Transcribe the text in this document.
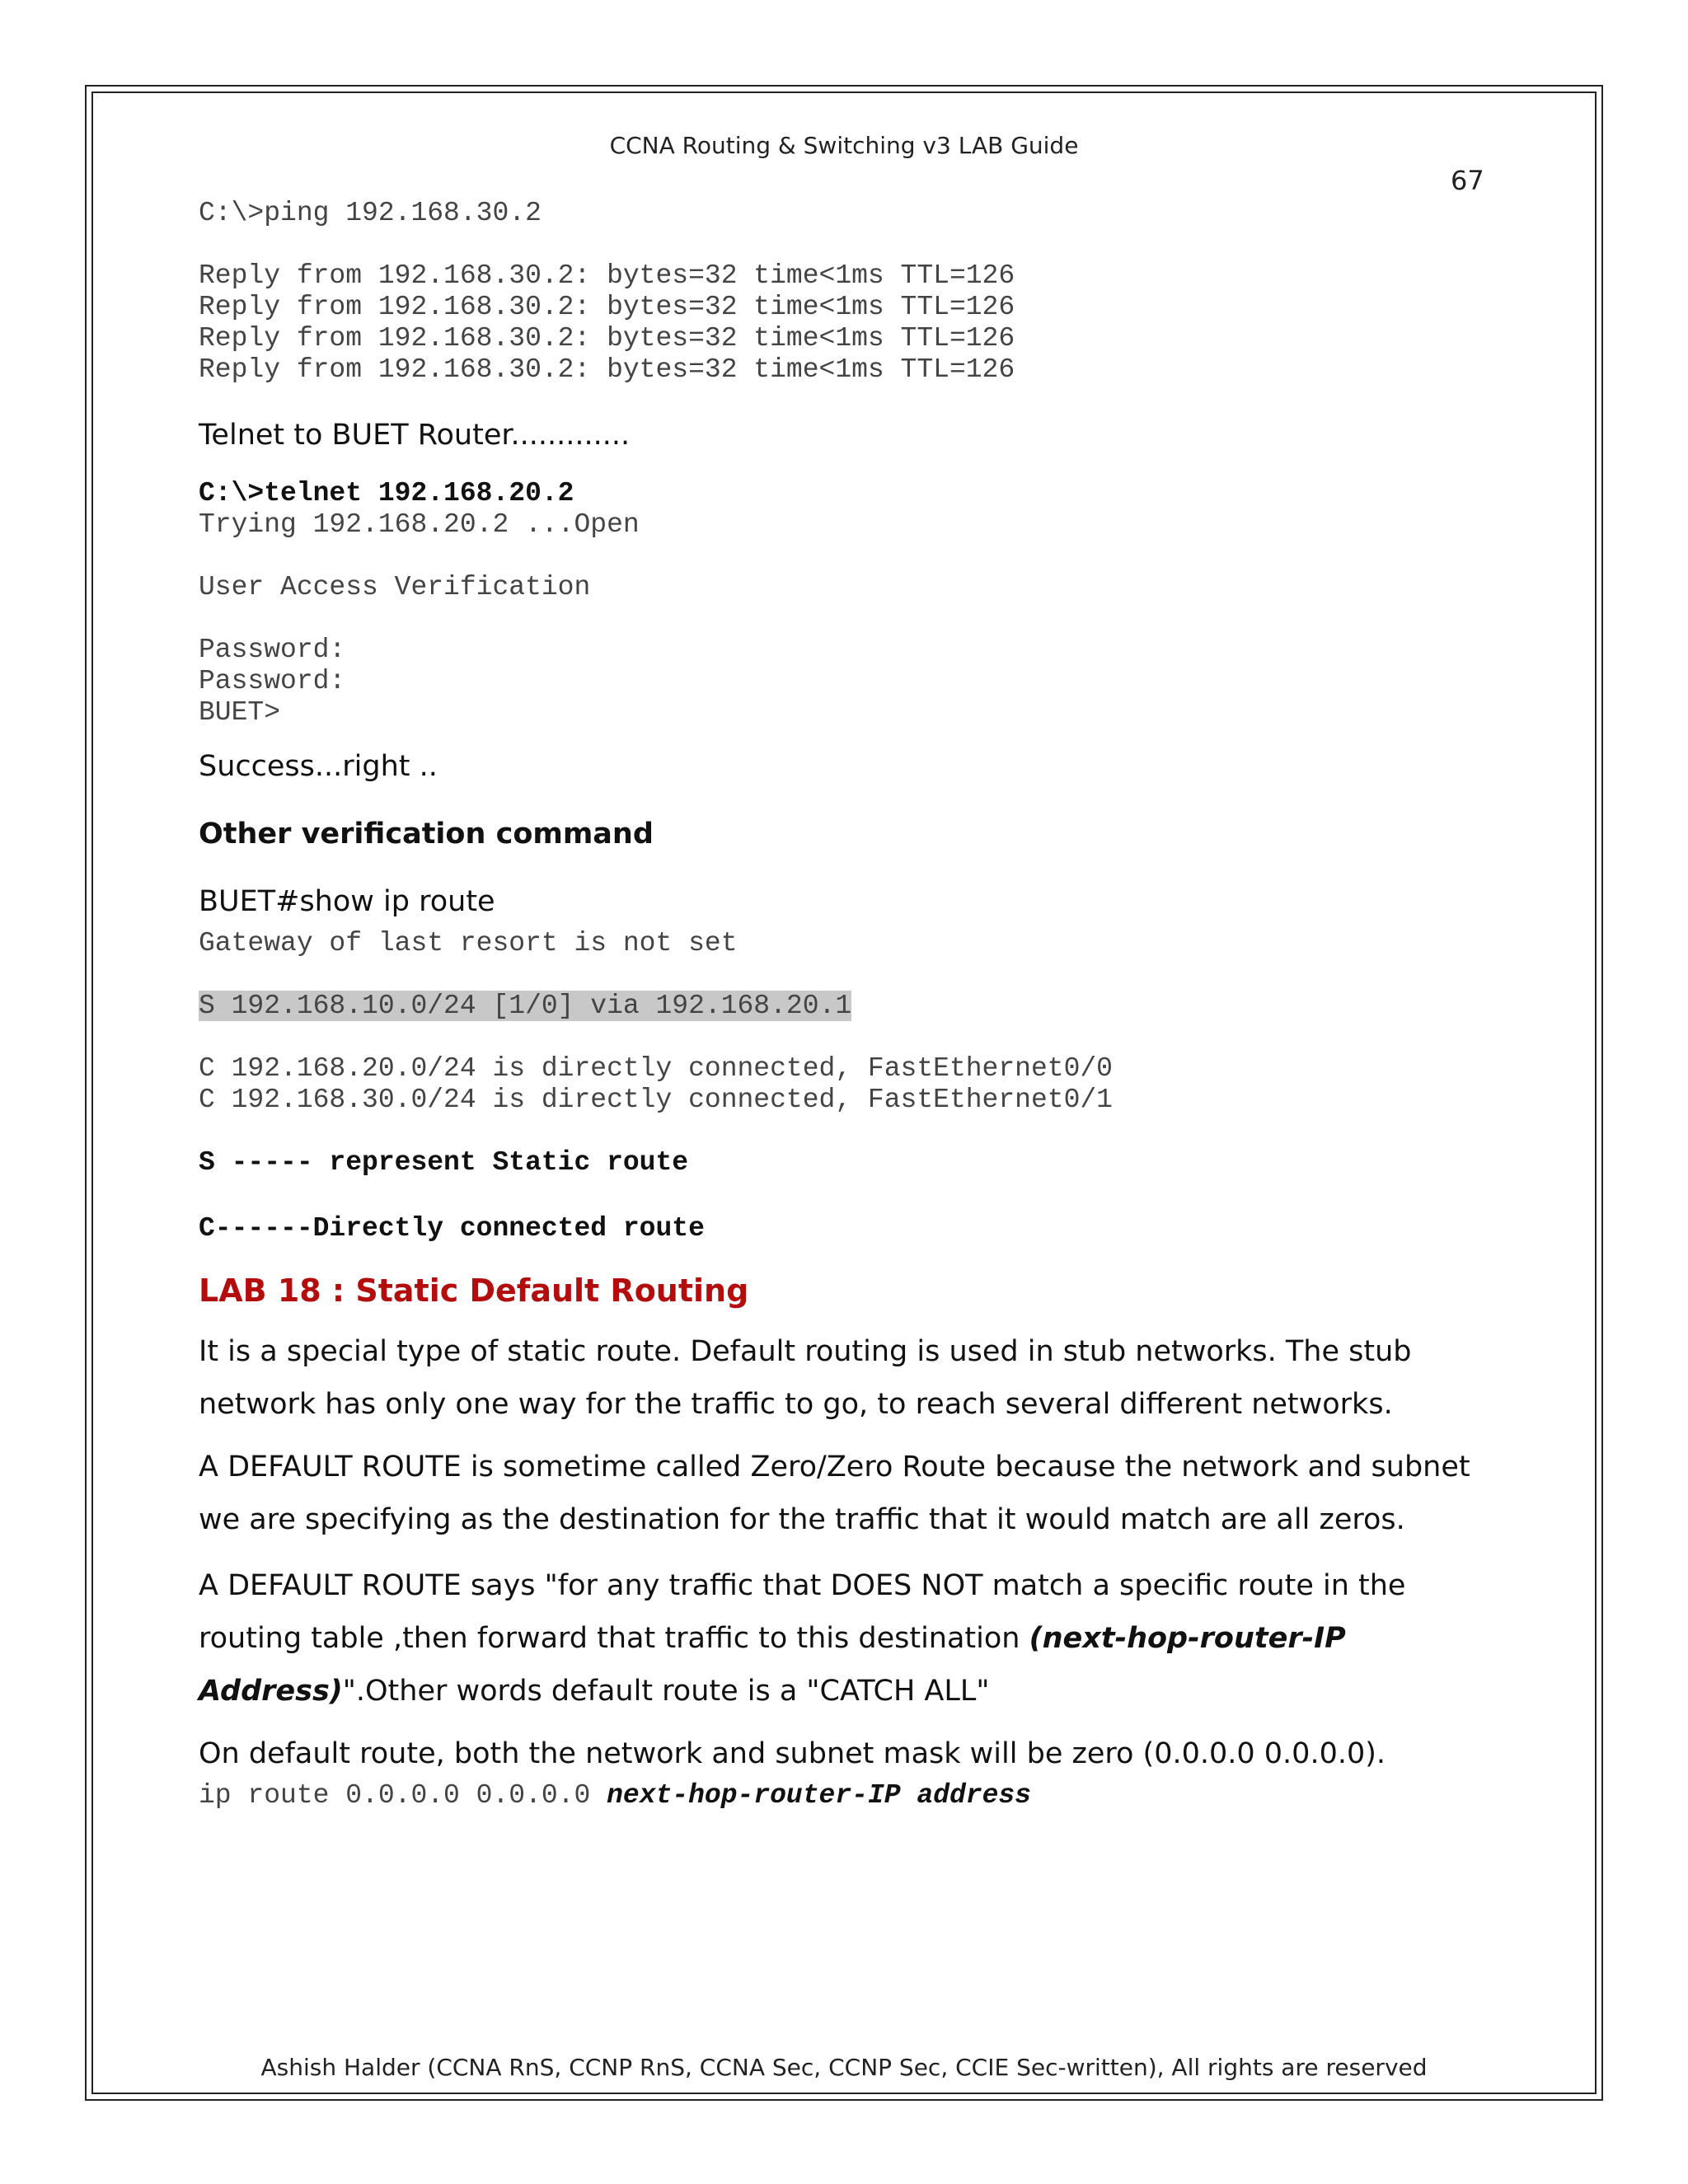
CCNA Routing & Switching v3 LAB Guide
67

C:\>ping 192.168.30.2

Reply from 192.168.30.2: bytes=32 time<1ms TTL=126

Reply from 192.168.30.2: bytes=32 time<1ms TTL=126

Reply from 192.168.30.2: bytes=32 time<1ms TTL=126

Reply from 192.168.30.2: bytes=32 time<1ms TTL=126

Telnet to BUET Router.............

C:\>telnet 192.168.20.2

Trying 192.168.20.2 ...Open

User Access Verification

Password:

Password:

BUET>

Success...right ..

Other verification command

BUET#show ip route

Gateway of last resort is not set

S 192.168.10.0/24 [1/0] via 192.168.20.1

C 192.168.20.0/24 is directly connected, FastEthernet0/0

C 192.168.30.0/24 is directly connected, FastEthernet0/1

S ----- represent Static route

C------Directly connected route

LAB 18 : Static Default Routing

It is a special type of static route. Default routing is used in stub networks. The stub network has only one way for the traffic to go, to reach several different networks.

A DEFAULT ROUTE is sometime called Zero/Zero Route because the network and subnet we are specifying as the destination for the traffic that it would match are all zeros.

A DEFAULT ROUTE says "for any traffic that DOES NOT match a specific route in the routing table ,then forward that traffic to this destination (next-hop-router-IP Address)".Other words default route is a "CATCH ALL"

On default route, both the network and subnet mask will be zero (0.0.0.0 0.0.0.0).

ip route 0.0.0.0 0.0.0.0 next-hop-router-IP address

Ashish Halder (CCNA RnS, CCNP RnS, CCNA Sec, CCNP Sec, CCIE Sec-written), All rights are reserved
